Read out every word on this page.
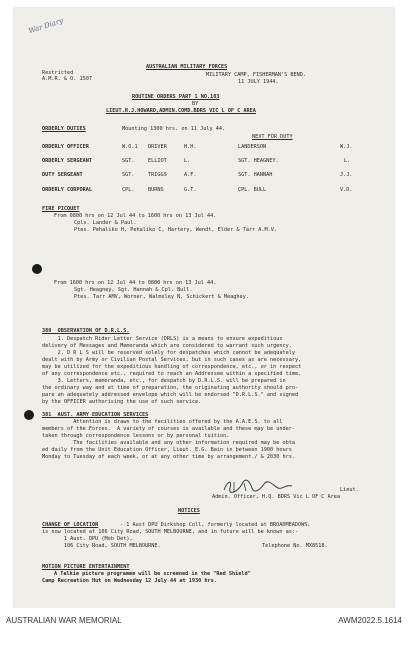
War Diary
Restricted
A.M.R. & O. 1507
AUSTRALIAN MILITARY FORCES
MILITARY CAMP, FISHERMAN'S BEND.
11 JULY 1944.
ROUTINE ORDERS PART 1 NO.103
BY
LIEUT.H.J.HOWARD,ADMIN.COMD.BDRS VIC L OF C AREA
ORDERLY DUTIES	Mounting 1300 hrs. on 11 July 44.
NEXT FOR DUTY
ORDERLY OFFICER	W.O.1 DRIVER	H.H.	LANDERSON	W.J.
ORDERLY SERGEANT	SGT.	ELLIOT	L.	SGT. HEAGNEY.	L.
DUTY SERGEANT	SGT.	TRIGGS	A.F.	SGT. HANNAH	J.J.
ORDERLY CORPORAL	CPL.	BURNS	G.T.	CPL. BULL	V.D.
FIRE PICQUET
From 0800 hrs on 12 Jul 44 to 1600 hrs on 13 Jul 44.
Cpls. Lander & Paul.
Ptes. Pehaliko H, Pehaliko C, Hartery, Wendt, Elder & Tarr A.M.V.
From 1600 hrs on 12 Jul 44 to 0800 hrs on 13 Jul 44.
Sgt. Heagney, Sgt. Hannah & Cpl. Bull.
Ptes. Tarr AMV, Worner, Walmsley N, Schickert & Meaghey.
380  OBSERVATION OF D.R.L.S.
1. Despatch Rider Letter Service (DRLS) is a means to ensure expeditious
delivery of Messages and Memoranda which are considered to warrant such urgency.
2. D R L S will be reserved solely for despatches which cannot be adequately
dealt with by Army or Civilian Postal Services, but in such cases as are necessary,
may be utilized for the expeditious handling of correspondence, etc., or in respect
of any correspondence etc., required to reach an Addressee within a specified time.
3. Letters, memoranda, etc., for despatch by D.R.L.S. will be prepared in
the ordinary way and at time of preparation, the originating authority should pro-
pare an adequately addressed envelope which will be endorsed "D.R.L.S." and signed
by the OFFICER authorising the use of such service.
381  AUST. ARMY EDUCATION SERVICES
Attention is drawn to the facilities offered by the A.A.E.S. to all
members of the Forces.  A variety of courses is available and these may be under-
taken through correspondence lessons or by personal tuition.
The facilities available and any other information required may be obta
ed daily from the Unit Education Officer, Lieut. E.G. Bain in between 1900 hours
Monday to Tuesday of each week, or at any other time by arrangement./ & 2030 hrs.
Lieut.
Admin. Officer, H.Q. BDRS Vic L OF C Area
NOTICES
CHANGE OF LOCATION	- 1 Aust DPU Dirkshop Coll, formerly located at BROADMEADOWS,
is now located at 106 City Road, SOUTH MELBOURNE, and in future will be known as:-
1 Aust. DPU (Mob Det),
106 City Road, SOUTH MELBOURNE.	Telephone No. MX8518.
MOTION PICTURE ENTERTAINMENT
A Talkie picture programme will be screened in the "Red Shield"
Camp Recreation Hut on Wednesday 12 July 44 at 1930 hrs.
AUSTRALIAN WAR MEMORIAL	AWM2022.5.1614
